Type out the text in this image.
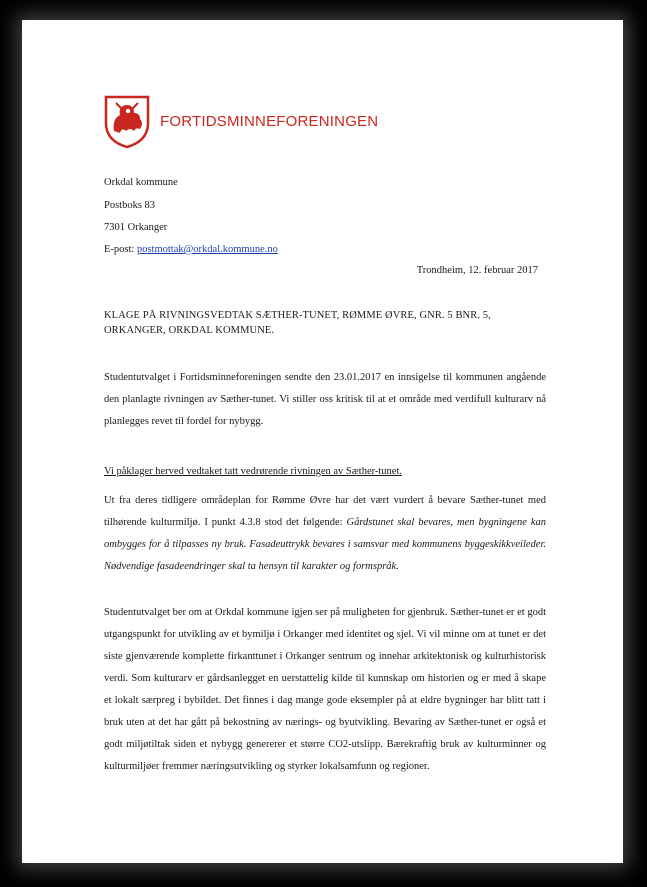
FORTIDSMINNEFORENINGEN
Orkdal kommune
Postboks 83
7301 Orkanger
E-post: postmottak@orkdal.kommune.no
Trondheim, 12. februar 2017
KLAGE PÅ RIVNINGSVEDTAK SÆTHER-TUNET, RØMME ØVRE, GNR. 5 BNR. 5, ORKANGER, ORKDAL KOMMUNE.
Studentutvalget i Fortidsminneforeningen sendte den 23.01.2017 en innsigelse til kommunen angående den planlagte rivningen av Sæther-tunet. Vi stiller oss kritisk til at et område med verdifull kulturarv nå planlegges revet til fordel for nybygg.
Vi påklager herved vedtaket tatt vedrørende rivningen av Sæther-tunet.
Ut fra deres tidligere områdeplan for Rømme Øvre har det vært vurdert å bevare Sæther-tunet med tilhørende kulturmiljø. I punkt 4.3.8 stod det følgende: Gårdstunet skal bevares, men bygningene kan ombygges for å tilpasses ny bruk. Fasadeuttrykk bevares i samsvar med kommunens byggeskikkveileder. Nødvendige fasadeendringer skal ta hensyn til karakter og formspråk.
Studentutvalget ber om at Orkdal kommune igjen ser på muligheten for gjenbruk. Sæther-tunet er et godt utgangspunkt for utvikling av et bymiljø i Orkanger med identitet og sjel. Vi vil minne om at tunet er det siste gjenværende komplette firkanttunet i Orkanger sentrum og innehar arkitektonisk og kulturhistorisk verdi. Som kulturarv er gårdsanlegget en uerstattelig kilde til kunnskap om historien og er med å skape et lokalt særpreg i bybildet. Det finnes i dag mange gode eksempler på at eldre bygninger har blitt tatt i bruk uten at det har gått på bekostning av nærings- og byutvikling. Bevaring av Sæther-tunet er også et godt miljøtiltak siden et nybygg genererer et større CO2-utslipp. Bærekraftig bruk av kulturminner og kulturmiljøer fremmer næringsutvikling og styrker lokalsamfunn og regioner.
